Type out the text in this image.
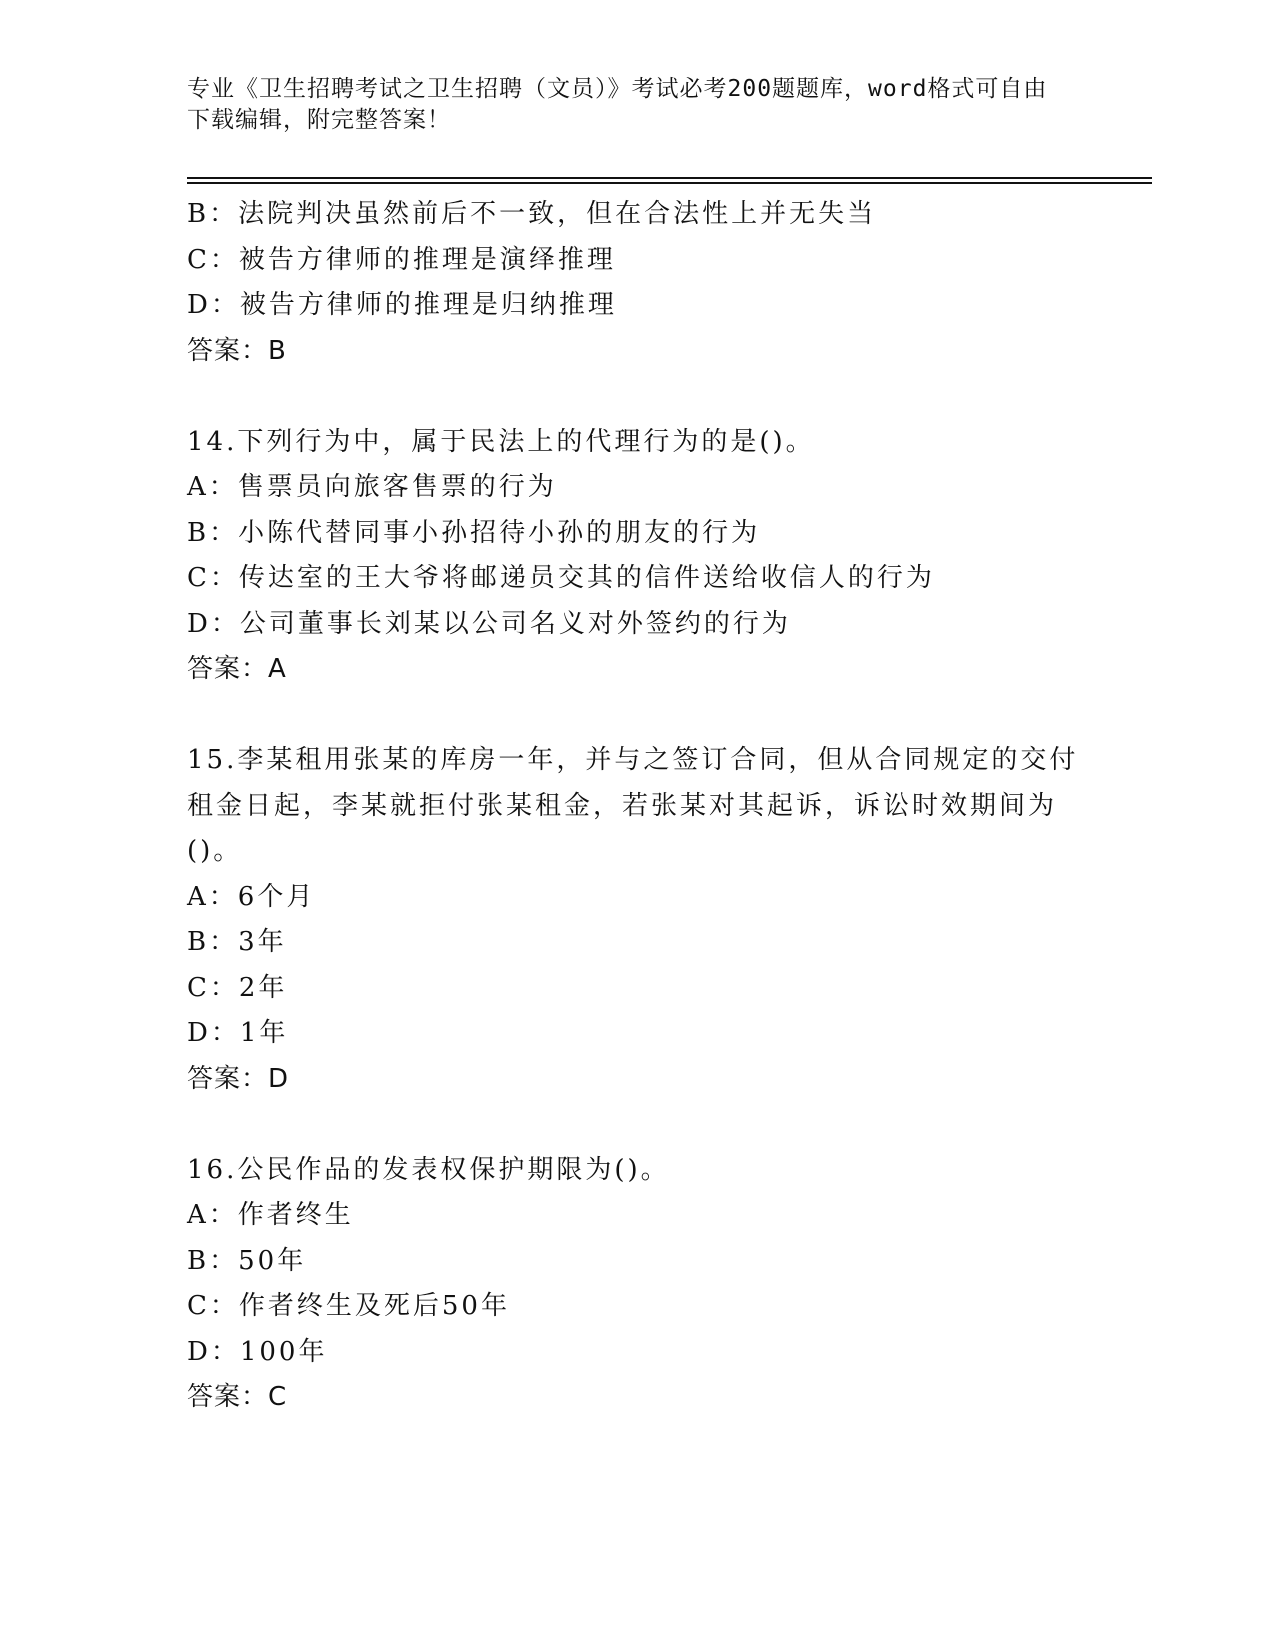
专业《卫生招聘考试之卫生招聘（文员）》考试必考200题题库，word格式可自由下载编辑，附完整答案！
B：法院判决虽然前后不一致，但在合法性上并无失当
C：被告方律师的推理是演绎推理
D：被告方律师的推理是归纳推理
答案：B
14.下列行为中，属于民法上的代理行为的是()。
A：售票员向旅客售票的行为
B：小陈代替同事小孙招待小孙的朋友的行为
C：传达室的王大爷将邮递员交其的信件送给收信人的行为
D：公司董事长刘某以公司名义对外签约的行为
答案：A
15.李某租用张某的库房一年，并与之签订合同，但从合同规定的交付
租金日起，李某就拒付张某租金，若张某对其起诉，诉讼时效期间为
()。
A：6个月
B：3年
C：2年
D：1年
答案：D
16.公民作品的发表权保护期限为()。
A：作者终生
B：50年
C：作者终生及死后50年
D：100年
答案：C
